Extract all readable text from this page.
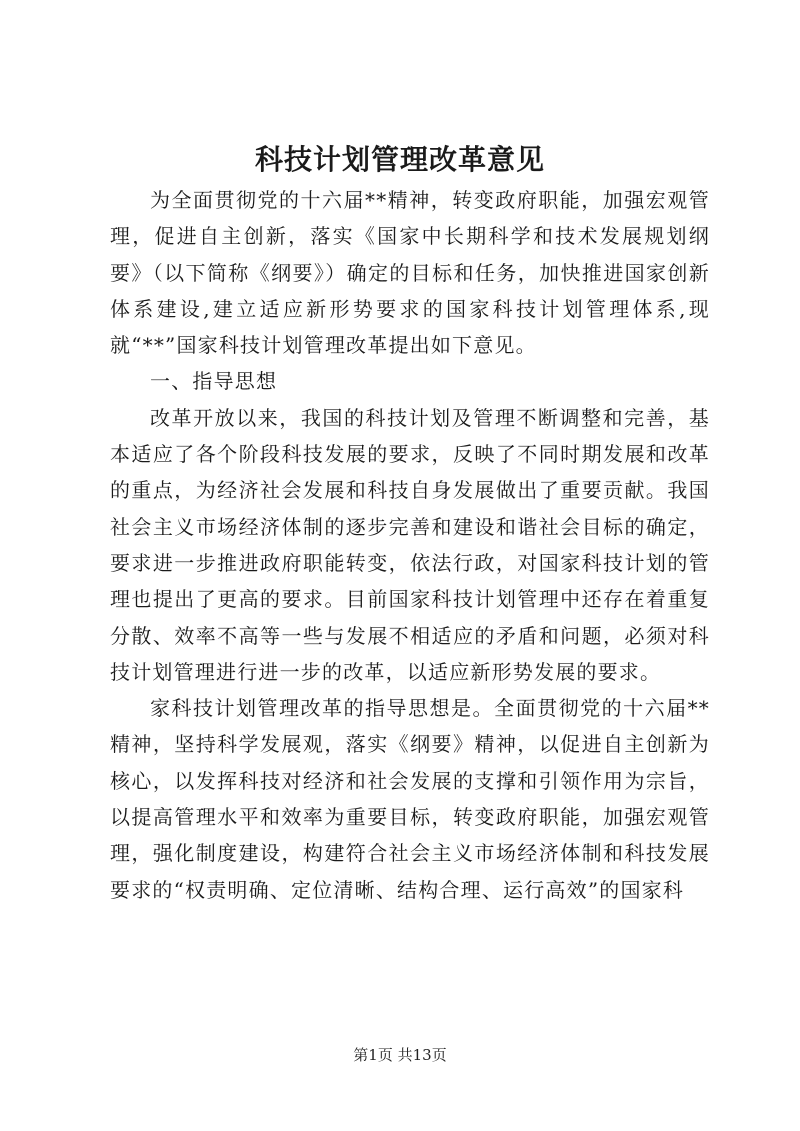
科技计划管理改革意见

为全面贯彻党的十六届**精神，转变政府职能，加强宏观管理，促进自主创新，落实《国家中长期科学和技术发展规划纲要》（以下简称《纲要》）确定的目标和任务，加快推进国家创新体系建设,建立适应新形势要求的国家科技计划管理体系,现就“**”国家科技计划管理改革提出如下意见。

一、指导思想

改革开放以来，我国的科技计划及管理不断调整和完善，基本适应了各个阶段科技发展的要求，反映了不同时期发展和改革的重点，为经济社会发展和科技自身发展做出了重要贡献。我国社会主义市场经济体制的逐步完善和建设和谐社会目标的确定，要求进一步推进政府职能转变，依法行政，对国家科技计划的管理也提出了更高的要求。目前国家科技计划管理中还存在着重复分散、效率不高等一些与发展不相适应的矛盾和问题，必须对科技计划管理进行进一步的改革，以适应新形势发展的要求。

家科技计划管理改革的指导思想是。全面贯彻党的十六届**精神，坚持科学发展观，落实《纲要》精神，以促进自主创新为核心，以发挥科技对经济和社会发展的支撑和引领作用为宗旨，以提高管理水平和效率为重要目标，转变政府职能，加强宏观管理，强化制度建设，构建符合社会主义市场经济体制和科技发展要求的“权责明确、定位清晰、结构合理、运行高效”的国家科

第1页 共13页
